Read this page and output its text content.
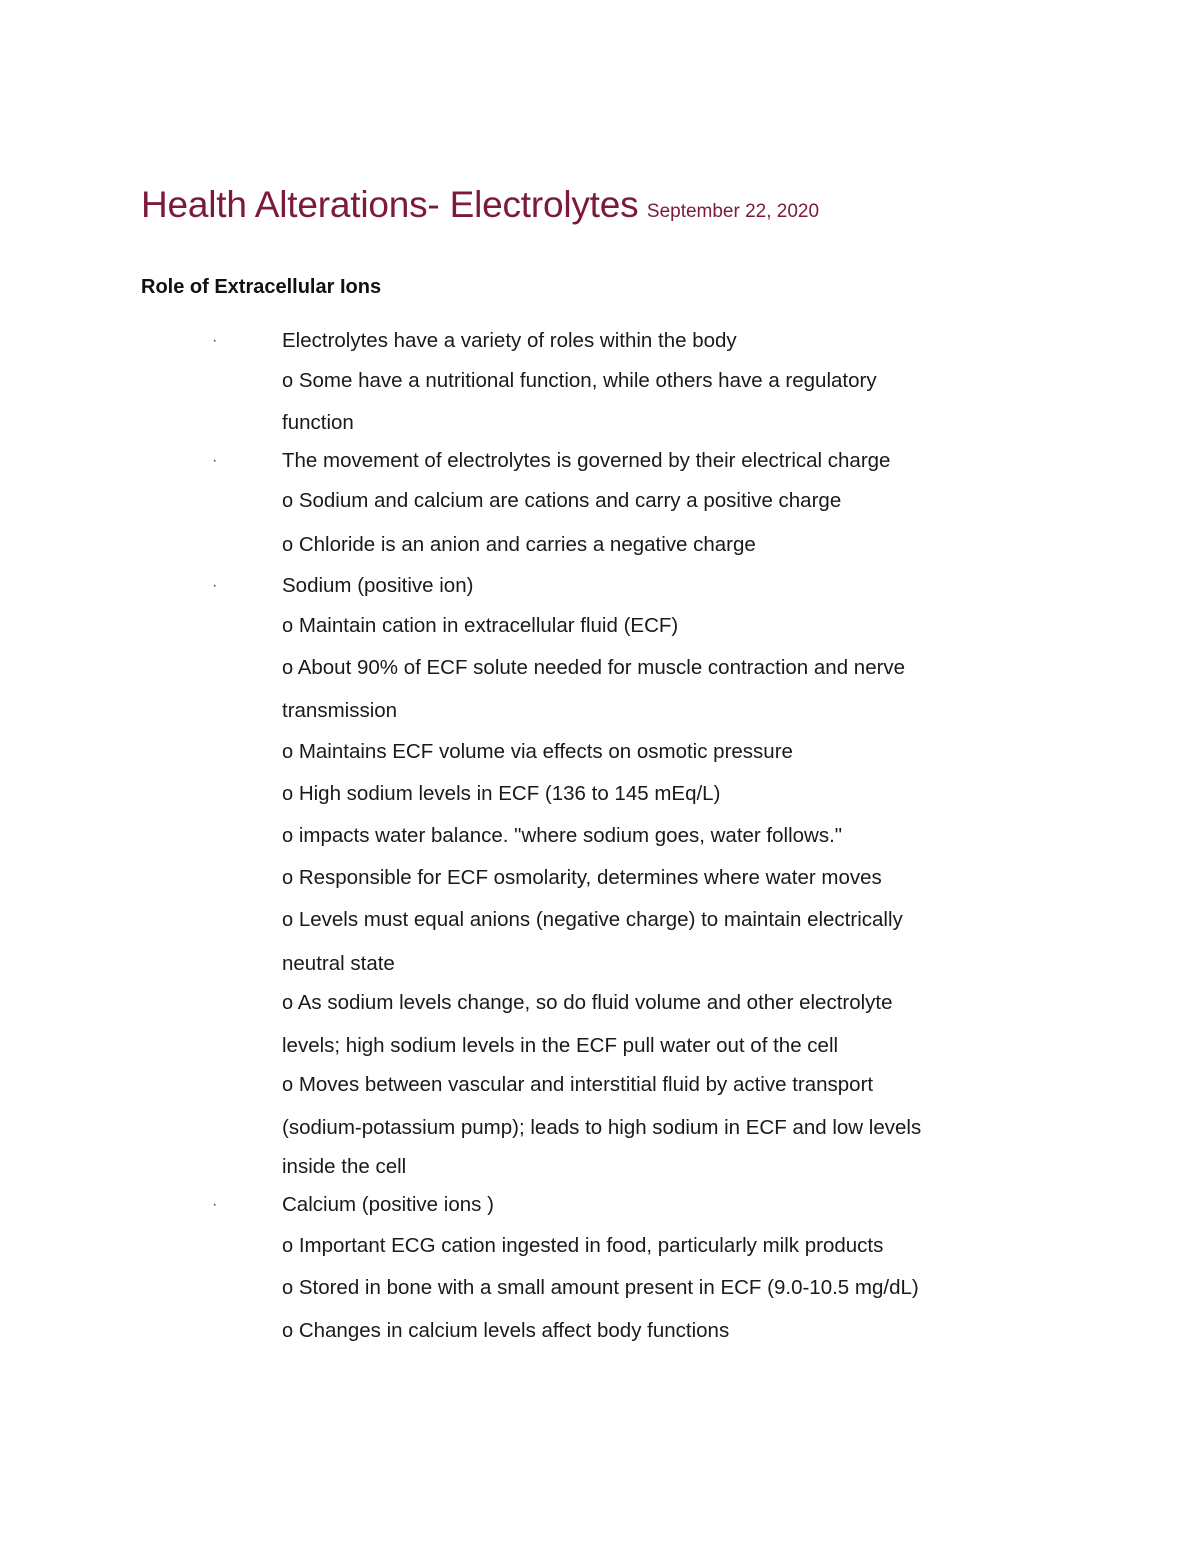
Health Alterations- Electrolytes September 22, 2020
Role of Extracellular Ions
·	Electrolytes have a variety of roles within the body
o Some have a nutritional function, while others have a regulatory
function
·	The movement of electrolytes is governed by their electrical charge
o Sodium and calcium are cations and carry a positive charge
o Chloride is an anion and carries a negative charge
·	Sodium (positive ion)
o Maintain cation in extracellular fluid (ECF)
o About 90% of ECF solute needed for muscle contraction and nerve
transmission
o Maintains ECF volume via effects on osmotic pressure
o High sodium levels in ECF (136 to 145 mEq/L)
o impacts water balance. "where sodium goes, water follows."
o Responsible for ECF osmolarity, determines where water moves
o Levels must equal anions (negative charge) to maintain electrically
neutral state
o As sodium levels change, so do fluid volume and other electrolyte
levels; high sodium levels in the ECF pull water out of the cell
o Moves between vascular and interstitial fluid by active transport
(sodium-potassium pump); leads to high sodium in ECF and low levels
inside the cell
·	Calcium (positive ions )
o Important ECG cation ingested in food, particularly milk products
o Stored in bone with a small amount present in ECF (9.0-10.5 mg/dL)
o Changes in calcium levels affect body functions
